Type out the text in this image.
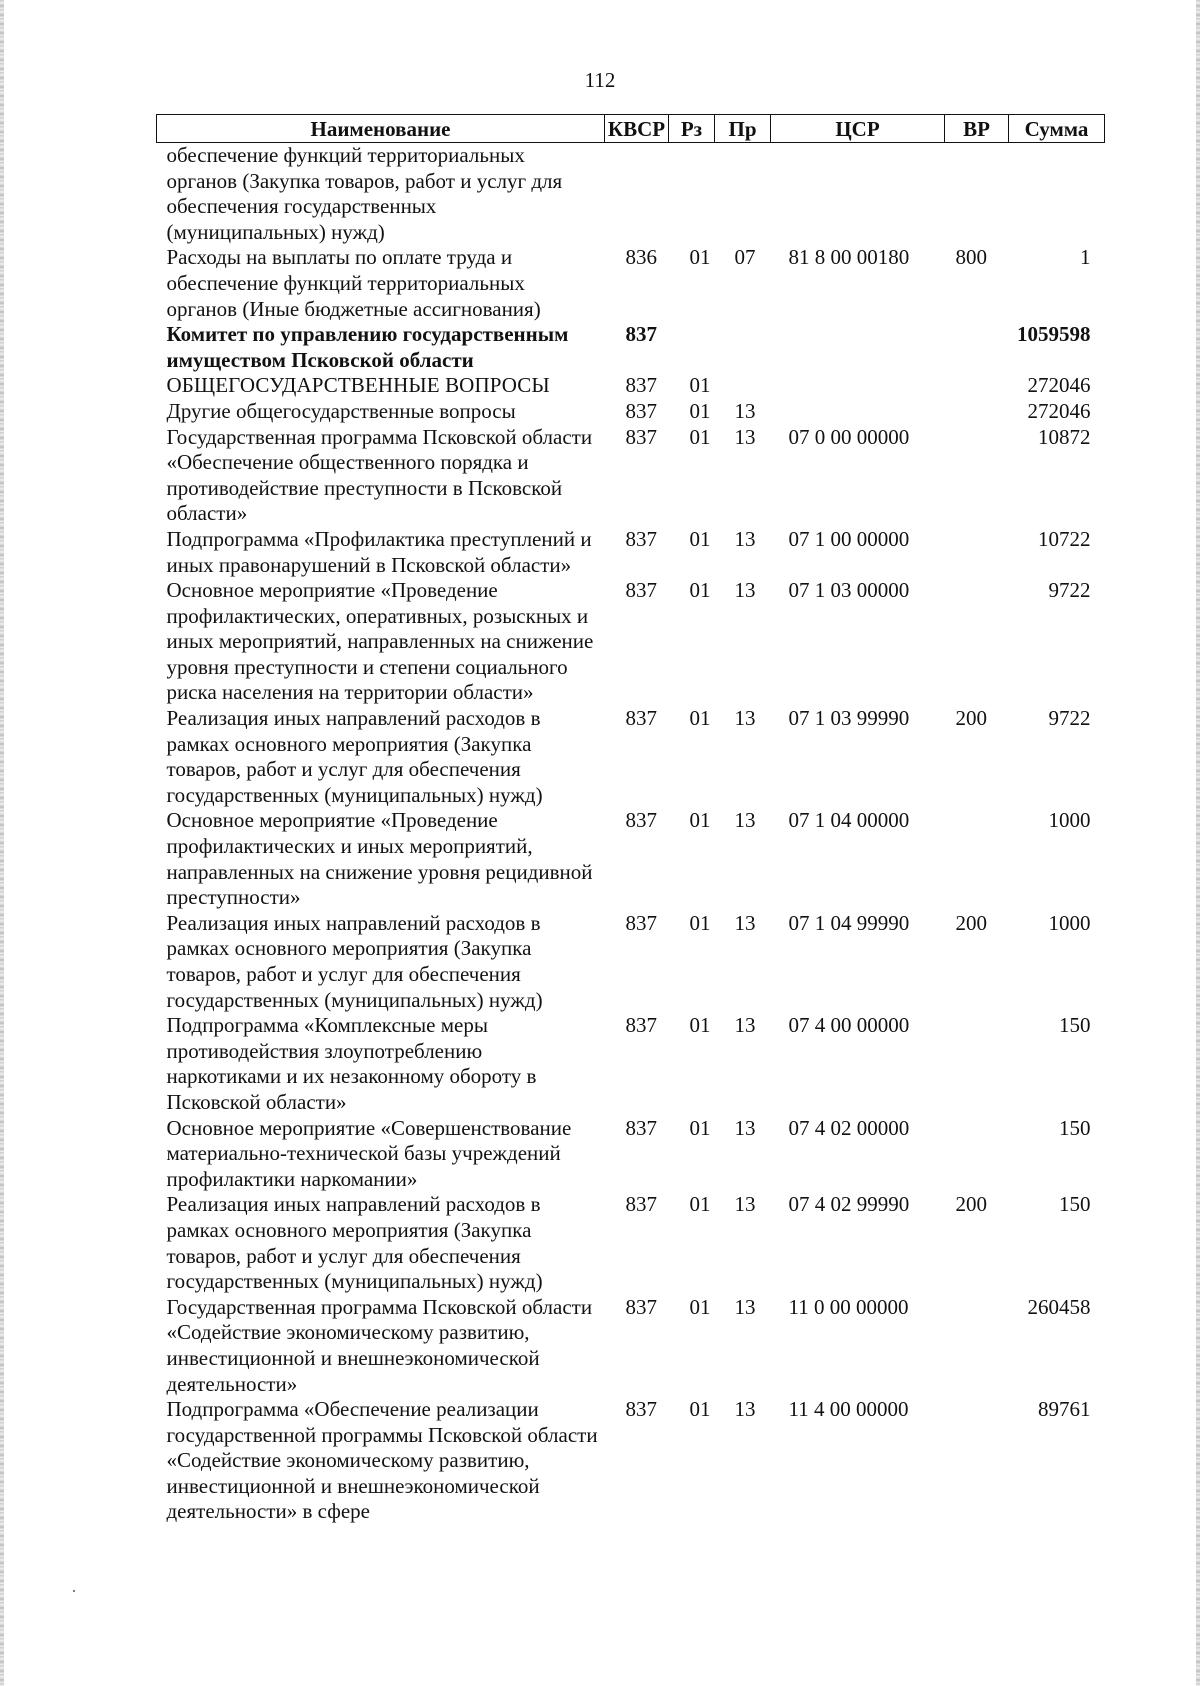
112
Наименование	КВСР	Рз	Пр	ЦСР	ВР	Сумма
обеспечение функций территориальных органов (Закупка товаров, работ и услуг для обеспечения государственных (муниципальных) нужд)						
Расходы на выплаты по оплате труда и обеспечение функций территориальных органов (Иные бюджетные ассигнования)	836	01	07	81 8 00 00180	800	1
Комитет по управлению государственным имуществом Псковской области	837					1059598
ОБЩЕГОСУДАРСТВЕННЫЕ ВОПРОСЫ	837	01				272046
Другие общегосударственные вопросы	837	01	13			272046
Государственная программа Псковской области «Обеспечение общественного порядка и противодействие преступности в Псковской области»	837	01	13	07 0 00 00000		10872
Подпрограмма «Профилактика преступлений и иных правонарушений в Псковской области»	837	01	13	07 1 00 00000		10722
Основное мероприятие «Проведение профилактических, оперативных, розыскных и иных мероприятий, направленных на снижение уровня преступности и степени социального риска населения на территории области»	837	01	13	07 1 03 00000		9722
Реализация иных направлений расходов в рамках основного мероприятия (Закупка товаров, работ и услуг для обеспечения государственных (муниципальных) нужд)	837	01	13	07 1 03 99990	200	9722
Основное мероприятие «Проведение профилактических и иных мероприятий, направленных на снижение уровня рецидивной преступности»	837	01	13	07 1 04 00000		1000
Реализация иных направлений расходов в рамках основного мероприятия (Закупка товаров, работ и услуг для обеспечения государственных (муниципальных) нужд)	837	01	13	07 1 04 99990	200	1000
Подпрограмма «Комплексные меры противодействия злоупотреблению наркотиками и их незаконному обороту в Псковской области»	837	01	13	07 4 00 00000		150
Основное мероприятие «Совершенствование материально-технической базы учреждений профилактики наркомании»	837	01	13	07 4 02 00000		150
Реализация иных направлений расходов в рамках основного мероприятия (Закупка товаров, работ и услуг для обеспечения государственных (муниципальных) нужд)	837	01	13	07 4 02 99990	200	150
Государственная программа Псковской области «Содействие экономическому развитию, инвестиционной и внешнеэкономической деятельности»	837	01	13	11 0 00 00000		260458
Подпрограмма «Обеспечение реализации государственной программы Псковской области «Содействие экономическому развитию, инвестиционной и внешнеэкономической деятельности» в сфере	837	01	13	11 4 00 00000		89761
